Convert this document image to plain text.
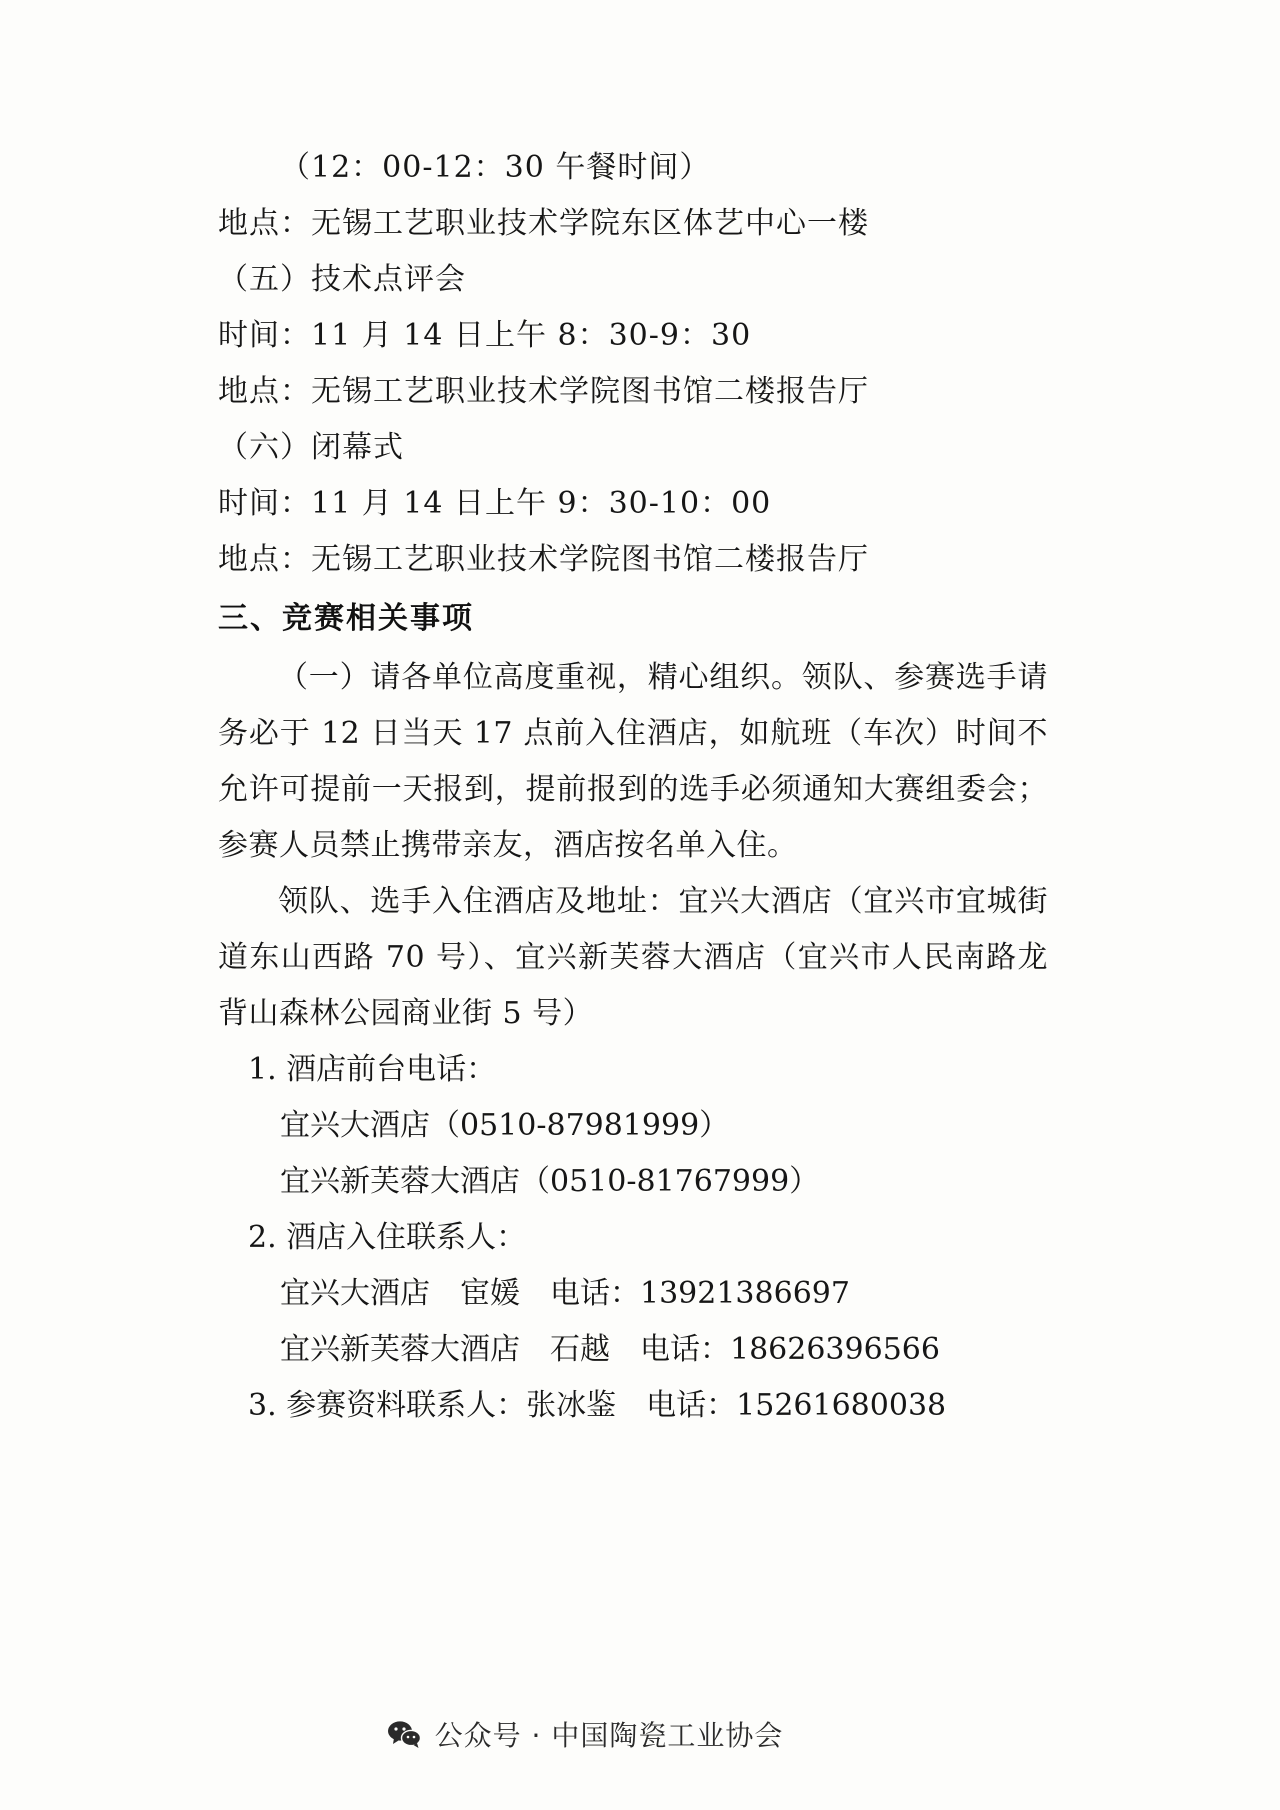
（12：00-12：30 午餐时间）
地点：无锡工艺职业技术学院东区体艺中心一楼
（五）技术点评会
时间：11 月 14 日上午 8：30-9：30
地点：无锡工艺职业技术学院图书馆二楼报告厅
（六）闭幕式
时间：11 月 14 日上午 9：30-10：00
地点：无锡工艺职业技术学院图书馆二楼报告厅
三、竞赛相关事项
（一）请各单位高度重视，精心组织。领队、参赛选手请务必于 12 日当天 17 点前入住酒店，如航班（车次）时间不允许可提前一天报到，提前报到的选手必须通知大赛组委会；参赛人员禁止携带亲友，酒店按名单入住。
领队、选手入住酒店及地址：宜兴大酒店（宜兴市宜城街道东山西路 70 号）、宜兴新芙蓉大酒店（宜兴市人民南路龙背山森林公园商业街 5 号）
1. 酒店前台电话：
宜兴大酒店（0510-87981999）
宜兴新芙蓉大酒店（0510-81767999）
2. 酒店入住联系人：
宜兴大酒店　宦媛　电话：13921386697
宜兴新芙蓉大酒店　石越　电话：18626396566
3. 参赛资料联系人：张冰鉴　电话：15261680038
公众号 · 中国陶瓷工业协会
